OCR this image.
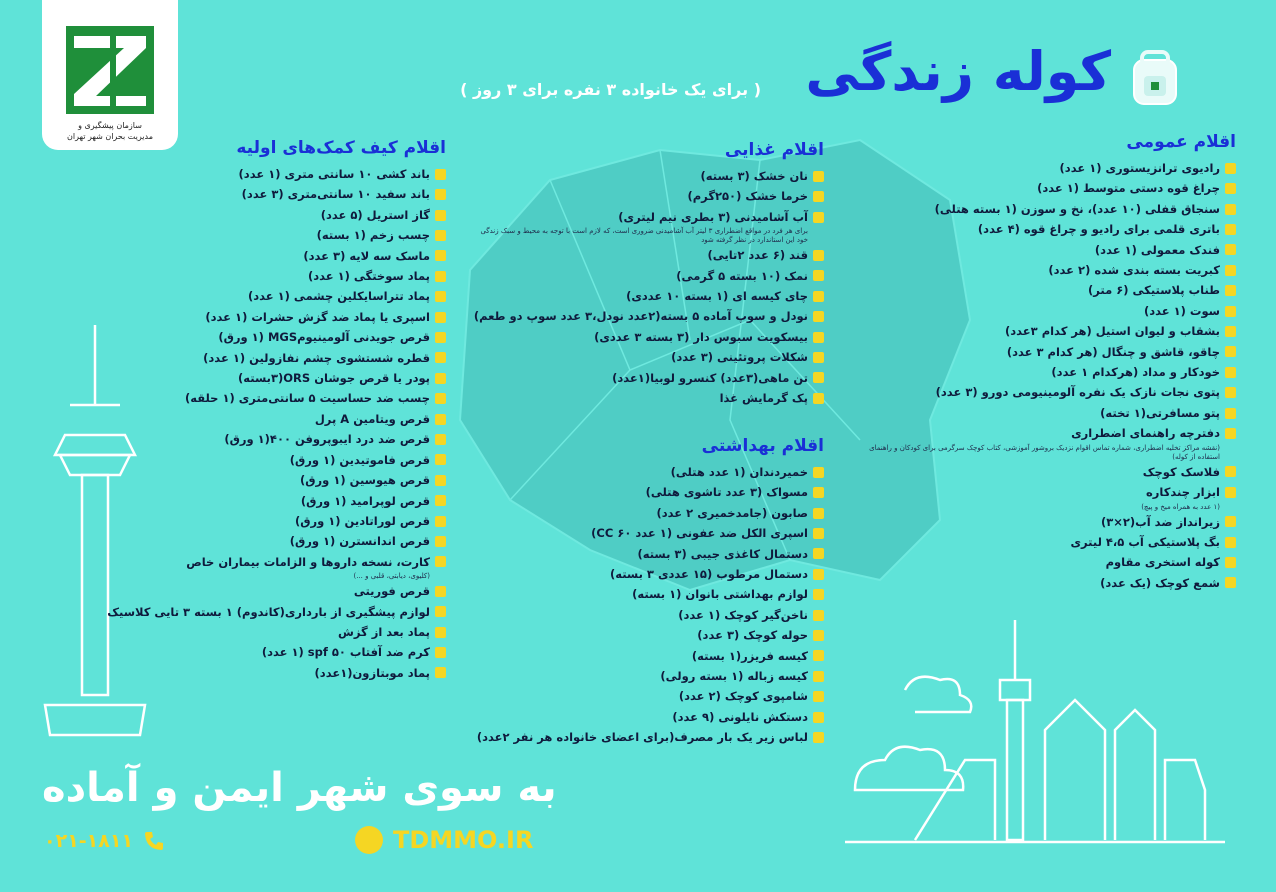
سازمان پیشگیری و
مدیریت بحران شهر تهران
کوله زندگی
( برای یک خانواده ۳ نفره برای ۳ روز )
اقلام عمومی
رادیوی ترانزیستوری (۱ عدد)
چراغ قوه دستی متوسط (۱ عدد)
سنجاق قفلی (۱۰ عدد)، نخ و سوزن (۱ بسته هتلی)
باتری قلمی برای رادیو و چراغ قوه (۴ عدد)
فندک معمولی (۱ عدد)
کبریت بسته بندی شده (۲ عدد)
طناب پلاستیکی (۶ متر)
سوت (۱ عدد)
بشقاب و لیوان استیل (هر کدام ۳عدد)
چاقو، قاشق و چنگال (هر کدام ۳ عدد)
خودکار و مداد (هرکدام ۱ عدد)
پتوی نجات نازک یک نفره آلومینیومی دورو (۳ عدد)
پتو مسافرتی(۱ تخته)
دفترچه راهنمای اضطراری
(نقشه مراکز تخلیه اضطراری، شماره تماس اقوام نزدیک بروشور آموزشی، کتاب کوچک سرگرمی برای کودکان و راهنمای استفاده از کوله)
فلاسک کوچک
ابزار چندکاره
(۱ عدد به همراه میخ و پیچ)
زیرانداز ضد آب(۲×۳)
بگ پلاستیکی آب ۴،۵ لیتری
کوله استخری مقاوم
شمع کوچک (یک عدد)
اقلام غذایی
نان خشک (۳ بسته)
خرما خشک (۲۵۰گرم)
آب آشامیدنی (۳ بطری نیم لیتری)
برای هر فرد در مواقع اضطراری ۳ لیتر آب آشامیدنی ضروری است، که لازم است با توجه به محیط و سبک زندگی خود این استاندارد در نظر گرفته شود
قند (۶ عدد ۲تایی)
نمک (۱۰ بسته ۵ گرمی)
چای کیسه ای (۱ بسته ۱۰ عددی)
نودل و سوپ آماده ۵ بسته(۲عدد نودل،۳ عدد سوپ دو طعم)
بیسکویت سبوس دار (۳ بسته ۳ عددی)
شکلات پروتئینی (۳ عدد)
تن ماهی(۳عدد) کنسرو لوبیا(۱عدد)
پک گرمایش غذا
اقلام بهداشتی
خمیردندان (۱ عدد هتلی)
مسواک (۳ عدد تاشوی هتلی)
صابون (جامدخمیری ۲ عدد)
اسپری الکل ضد عفونی (۱ عدد ۶۰ CC)
دستمال کاغذی جیبی (۳ بسته)
دستمال مرطوب (۱۵ عددی ۳ بسته)
لوازم بهداشتی بانوان (۱ بسته)
ناخن‌گیر کوچک (۱ عدد)
حوله کوچک (۳ عدد)
کیسه فریزر(۱ بسته)
کیسه زباله (۱ بسته رولی)
شامپوی کوچک (۲ عدد)
دستکش نایلونی (۹ عدد)
لباس زیر یک بار مصرف(برای اعضای خانواده هر نفر ۲عدد)
اقلام کیف کمک‌های اولیه
باند کشی ۱۰ سانتی متری (۱ عدد)
باند سفید ۱۰ سانتی‌متری (۳ عدد)
گاز استریل (۵ عدد)
چسب زخم (۱ بسته)
ماسک سه لایه (۳ عدد)
پماد سوختگی (۱ عدد)
پماد تتراسایکلین چشمی (۱ عدد)
اسپری یا پماد ضد گزش حشرات (۱ عدد)
قرص جویدنی آلومینیومMGS (۱ ورق)
قطره شستشوی چشم نفازولین (۱ عدد)
پودر یا قرص جوشان ORS(۳بسته)
چسب ضد حساسیت ۵ سانتی‌متری (۱ حلقه)
قرص ویتامین A پرل
قرص ضد درد ایبوپروفن ۴۰۰(۱ ورق)
قرص فاموتیدین (۱ ورق)
قرص هیوسین (۱ ورق)
قرص لوپرامید (۱ ورق)
قرص لوراتادین (۱ ورق)
قرص اندانسترن (۱ ورق)
کارت، نسخه داروها و الزامات بیماران خاص
(کلیوی، دیابتی، قلبی و ...)
قرص فوریتی
لوازم پیشگیری از بارداری(کاندوم) ۱ بسته ۳ تایی کلاسیک
پماد بعد از گزش
کرم ضد آفتاب spf ۵۰ (۱ عدد)
پماد موبتازون(۱عدد)
به سوی شهر ایمن و آماده
۰۲۱-۱۸۱۱	TDMMO.IR
